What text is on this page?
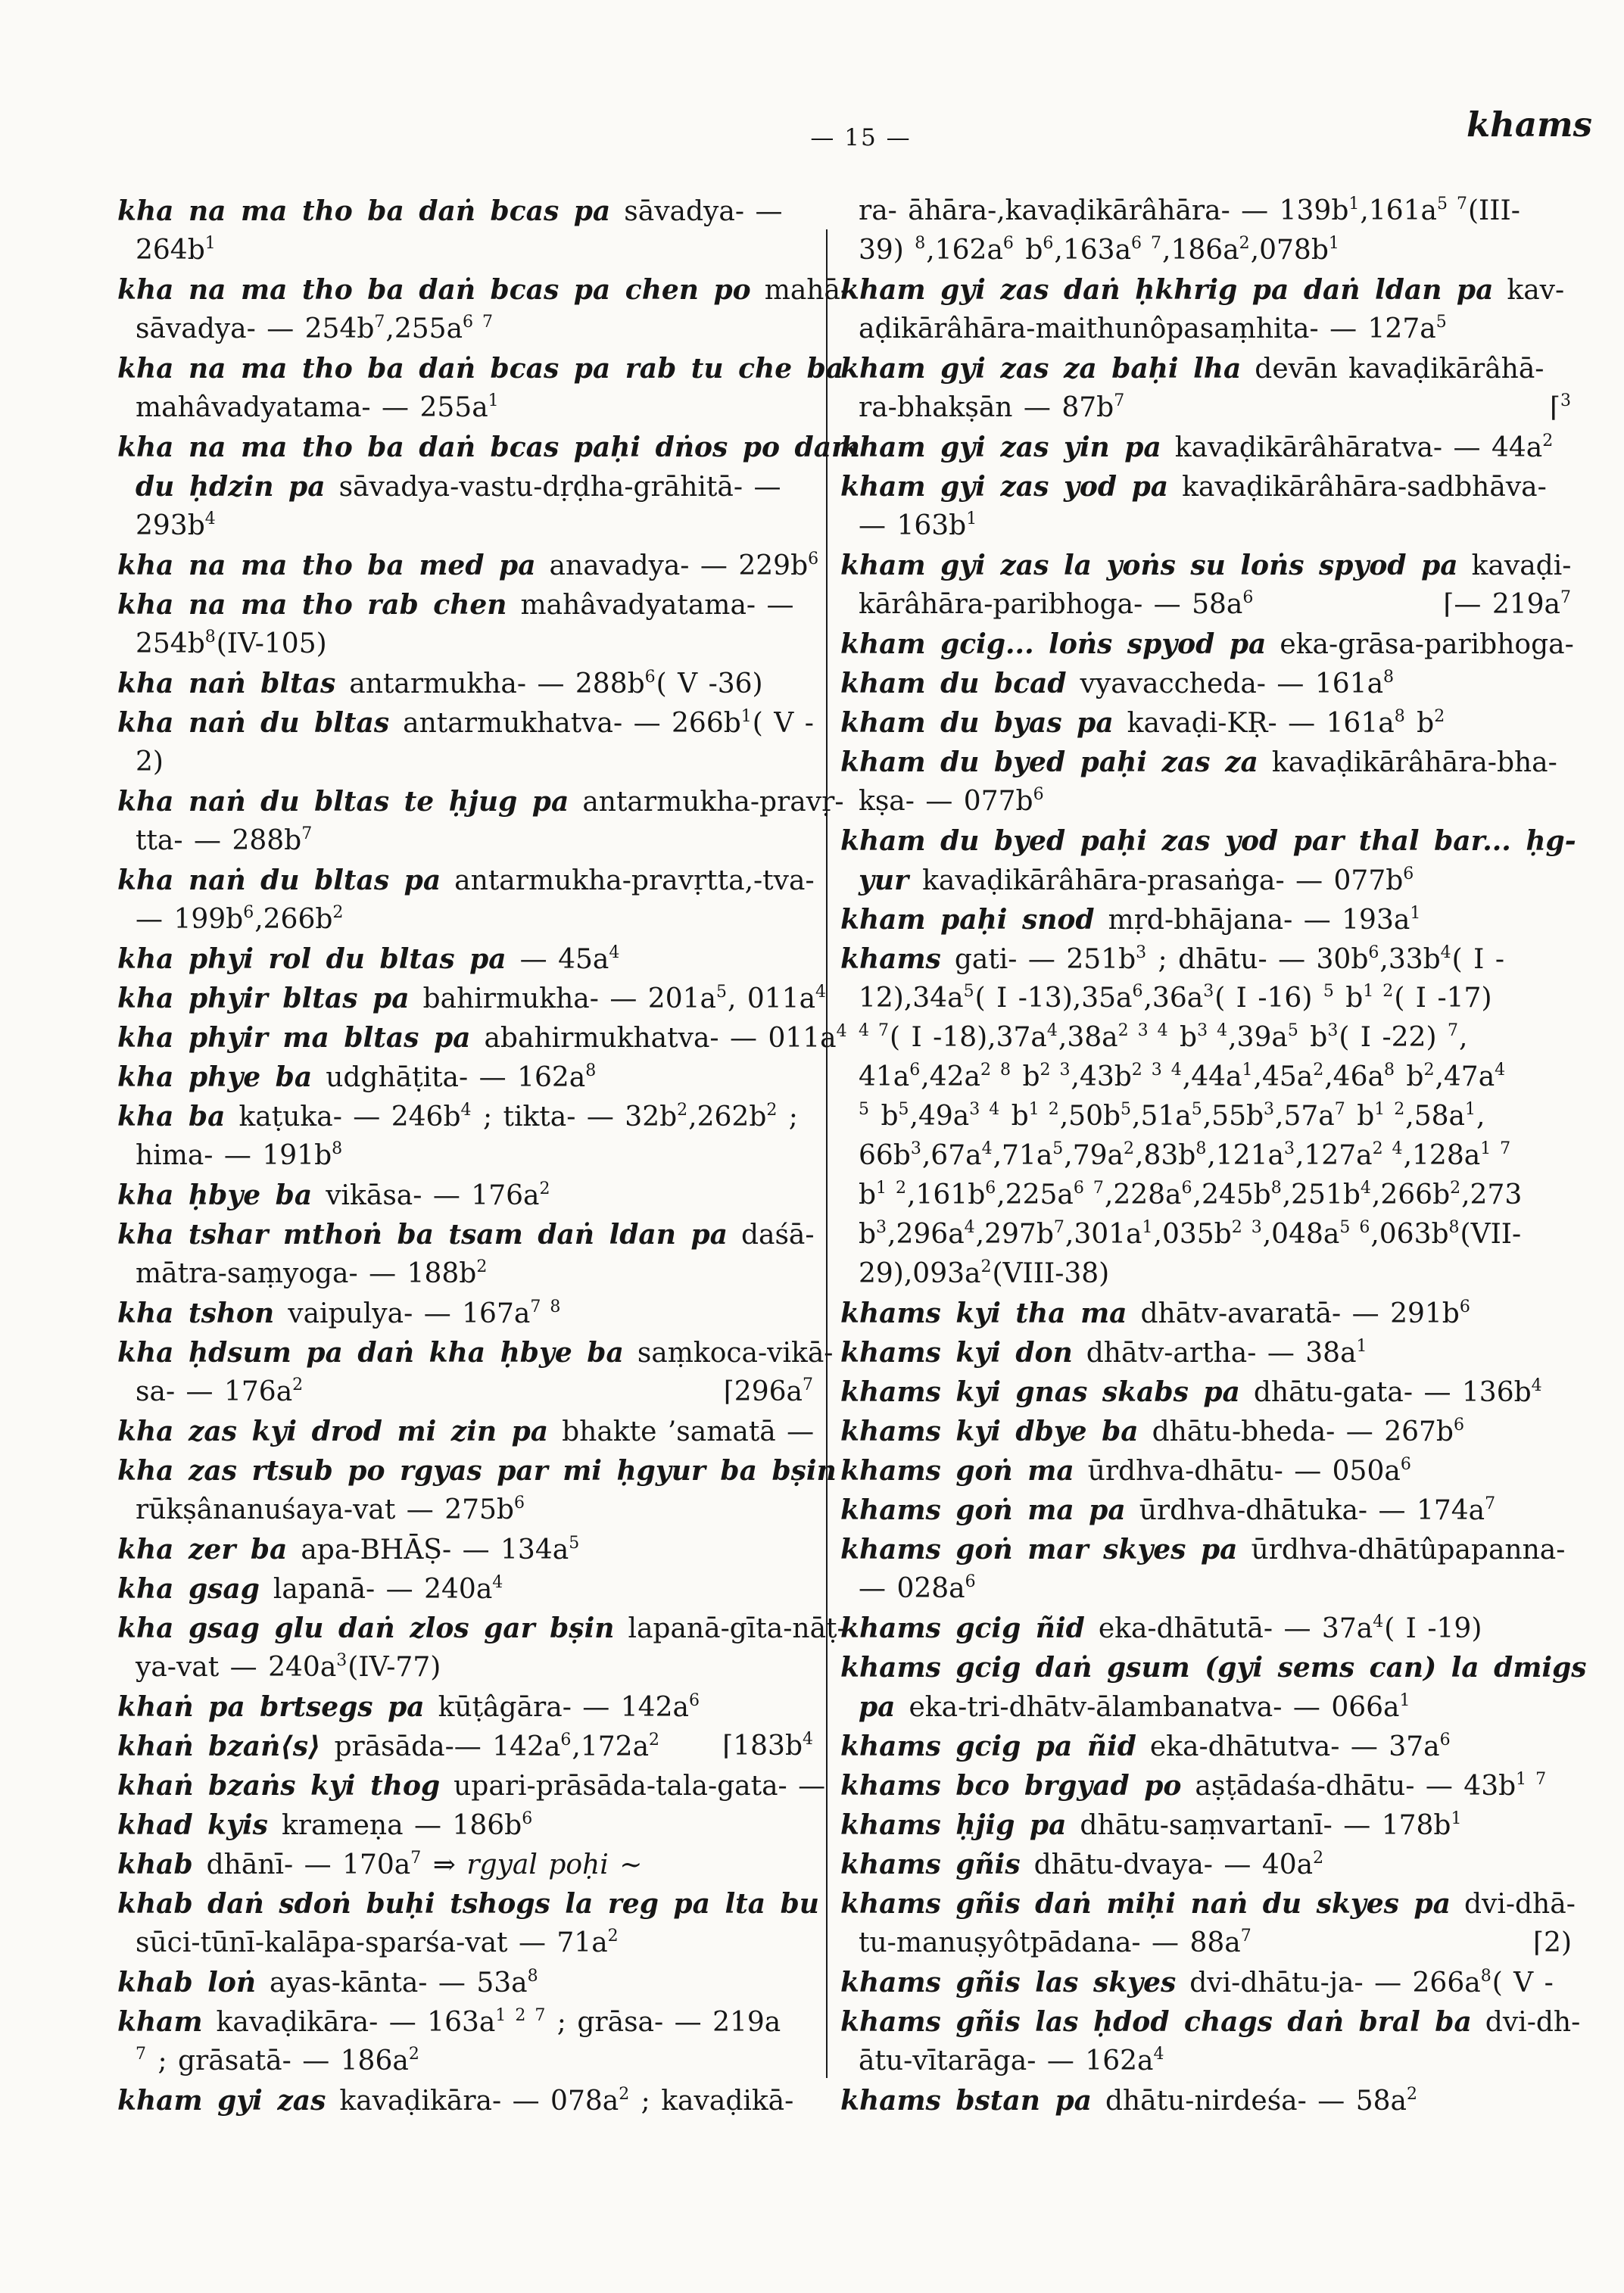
— 15 —	khams
kha na ma tho ba daṅ bcas pa sāvadya- —
$264b^1$
kha na ma tho ba daṅ bcas pa chen po mahā-
sāvadya- — $254b^7,255a^{6 7}$
kha na ma tho ba daṅ bcas pa rab tu che ba
mahâvadyatama- — $255a^1$
kha na ma tho ba daṅ bcas paḥi dṅos po dam
du ḥdzin pa sāvadya-vastu-dṛḍha-grāhitā- —
$293b^4$
kha na ma tho ba med pa anavadya- — $229b^6$
kha na ma tho rab chen mahâvadyatama- —
$254b^8(IV-105)$
kha naṅ bltas antarmukha- — $288b^6$( V -36)
kha naṅ du bltas antarmukhatva- — $266b^1$( V -
2)
kha naṅ du bltas te ḥjug pa antarmukha-pravṛ-
tta- — $288b^7$
kha naṅ du bltas pa antarmukha-pravṛtta,-tva-
— $199b^6,266b^2$
kha phyi rol du bltas pa — $45a^4$
kha phyir bltas pa bahirmukha- — $201a^5$, $011a^4$
kha phyir ma bltas pa abahirmukhatva- — $011a^4$
kha phye ba udghāṭita- — $162a^8$
kha ba kaṭuka- — $246b^4$ ; tikta- — $32b^2,262b^2$ ;
hima- — $191b^8$
kha ḥbye ba vikāsa- — $176a^2$
kha tshar mthoṅ ba tsam daṅ ldan pa daśā-
mātra-saṃyoga- — $188b^2$
kha tshon vaipulya- — $167a^{7 8}$
kha ḥdsum pa daṅ kha ḥbye ba saṃkoca-vikā-
sa- — $176a^2$	$⌈296a^7$
kha zas kyi drod mi zin pa bhakte ’samatā —
kha zas rtsub po rgyas par mi ḥgyur ba bṣin
rūkṣânanuśaya-vat — $275b^6$
kha zer ba apa-BHĀṢ- — $134a^5$
kha gsag lapanā- — $240a^4$
kha gsag glu daṅ zlos gar bṣin lapanā-gīta-nāṭ-
ya-vat — $240a^3(IV-77)$
khaṅ pa brtsegs pa kūṭâgāra- — $142a^6$
khaṅ bzaṅ⟨s⟩ prāsāda-— $142a^6,172a^2$ $⌈183b^4$
khaṅ bzaṅs kyi thog upari-prāsāda-tala-gata- —
khad kyis krameṇa — $186b^6$
khab dhānī- — $170a^7$ ⇒ rgyal poḥi ∼
khab daṅ sdoṅ buḥi tshogs la reg pa lta bu
sūci-tūnī-kalāpa-sparśa-vat — $71a^2$
khab loṅ ayas-kānta- — $53a^8$
kham kavaḍikāra- — $163a^{1 2 7}$ ; grāsa- — 219a
$^7$ ; grāsatā- — $186a^2$
kham gyi zas kavaḍikāra- — $078a^2$ ; kavaḍikā-
ra- āhāra-,kavaḍikārâhāra- — $139b^1,161a^{5 7}(III-$
39) $^8,162a^6$ $b^6,163a^{6 7},186a^2,078b^1$
kham gyi zas daṅ ḥkhrig pa daṅ ldan pa kav-
aḍikārâhāra-maithunôpasaṃhita- — $127a^5$
kham gyi zas za baḥi lha devān kavaḍikārâhā-
ra-bhakṣān — $87b^7$	⌈$^3$
kham gyi zas yin pa kavaḍikārâhāratva- — $44a^2$
kham gyi zas yod pa kavaḍikārâhāra-sadbhāva-
— $163b^1$
kham gyi zas la yoṅs su loṅs spyod pa kavaḍi-
kārâhāra-paribhoga- — $58a^6$	⌈— $219a^7$
kham gcig... loṅs spyod pa eka-grāsa-paribhoga-
kham du bcad vyavaccheda- — $161a^8$
kham du byas pa kavaḍi-KṚ- — $161a^8$ $b^2$
kham du byed paḥi zas za kavaḍikārâhāra-bha-
kṣa- — $077b^6$
kham du byed paḥi zas yod par thal bar... ḥg-
yur kavaḍikārâhāra-prasaṅga- — $077b^6$
kham paḥi snod mṛd-bhājana- — $193a^1$
khams gati- — $251b^3$ ; dhātu- — $30b^6,33b^4$( I -
$12),34a^5$( I $-13),35a^6,36a^3$( I -16) $^5$ $b^{1 2}$( I -17)
$^{4 7}$( I $-18),37a^4,38a^{2 3 4}$ $b^{3 4},39a^5$ $b^3$( I -22) $^7$,
$41a^6,42a^{2 8}$ $b^{2 3},43b^{2 3 4},44a^1,45a^2,46a^8$ $b^2,47a^4$
$^5$ $b^5,49a^{3 4}$ $b^{1 2},50b^5,51a^5,55b^3,57a^7$ $b^{1 2},58a^1$,
$66b^3,67a^4,71a^5,79a^2,83b^8,121a^3,127a^{2 4},128a^{1 7}$
$b^{1 2},161b^6,225a^{6 7},228a^6,245b^8,251b^4,266b^2,273$
$b^3,296a^4,297b^7,301a^1,035b^{2 3},048a^{5 6},063b^8(VII-$
$29),093a^2(VIII-38)$
khams kyi tha ma dhātv-avaratā- — $291b^6$
khams kyi don dhātv-artha- — $38a^1$
khams kyi gnas skabs pa dhātu-gata- — $136b^4$
khams kyi dbye ba dhātu-bheda- — $267b^6$
khams goṅ ma ūrdhva-dhātu- — $050a^6$
khams goṅ ma pa ūrdhva-dhātuka- — $174a^7$
khams goṅ mar skyes pa ūrdhva-dhātûpapanna-
— $028a^6$
khams gcig ñid eka-dhātutā- — $37a^4$( I -19)
khams gcig daṅ gsum (gyi sems can) la dmigs
pa eka-tri-dhātv-ālambanatva- — $066a^1$
khams gcig pa ñid eka-dhātutva- — $37a^6$
khams bco brgyad po aṣṭādaśa-dhātu- — $43b^{1 7}$
khams ḥjig pa dhātu-saṃvartanī- — $178b^1$
khams gñis dhātu-dvaya- — $40a^2$
khams gñis daṅ miḥi naṅ du skyes pa dvi-dhā-
tu-manuṣyôtpādana- — $88a^7$	⌈2)
khams gñis las skyes dvi-dhātu-ja- — $266a^8$( V -
khams gñis las ḥdod chags daṅ bral ba dvi-dh-
ātu-vītarāga- — $162a^4$
khams bstan pa dhātu-nirdeśa- — $58a^2$
